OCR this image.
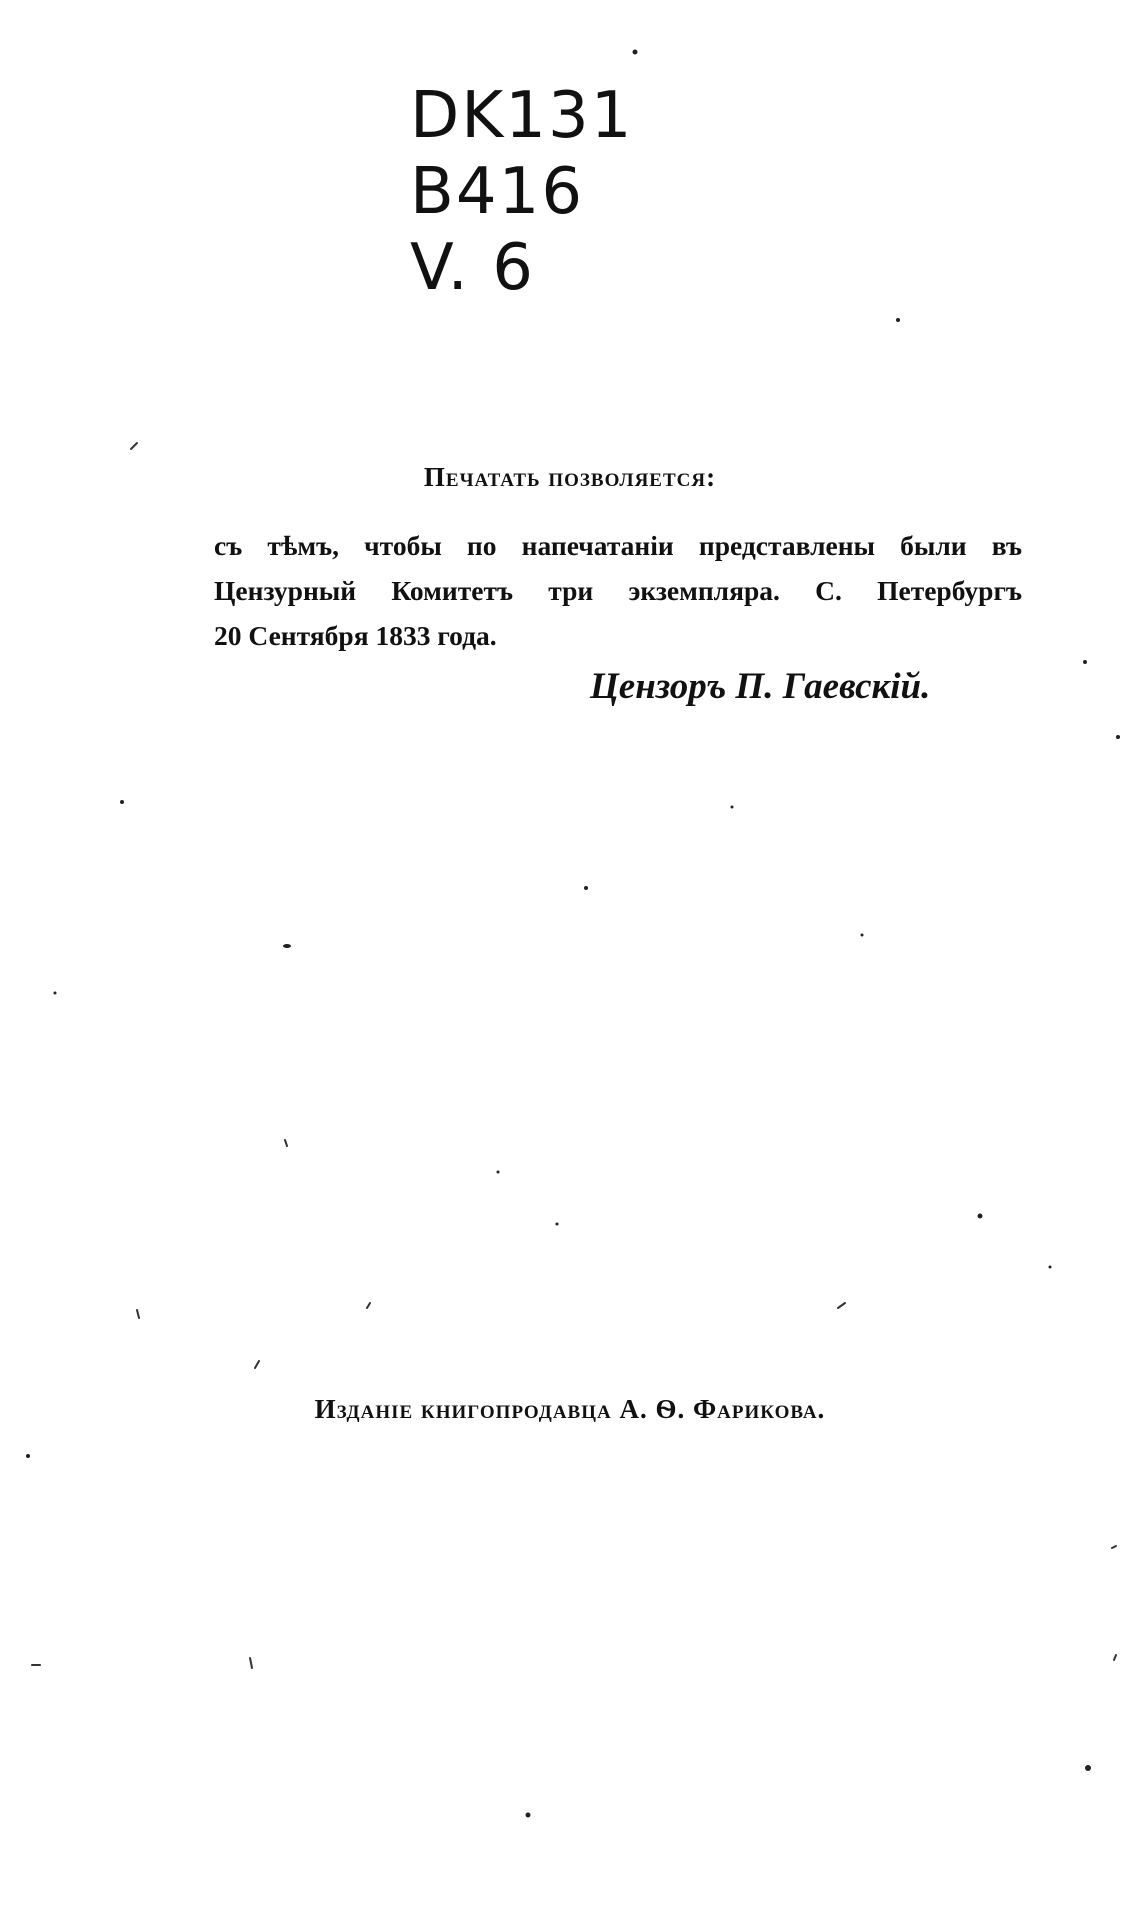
DK131
B416
V. 6
Печатать позволяется:
съ тѣмъ, чтобы по напечатаніи представлены были въ
Цензурный Комитетъ три экземпляра. С. Петербургъ
20 Сентября 1833 года.
Цензоръ П. Гаевскій.
Изданіе книгопродавца А. Ѳ. Фарикова.
